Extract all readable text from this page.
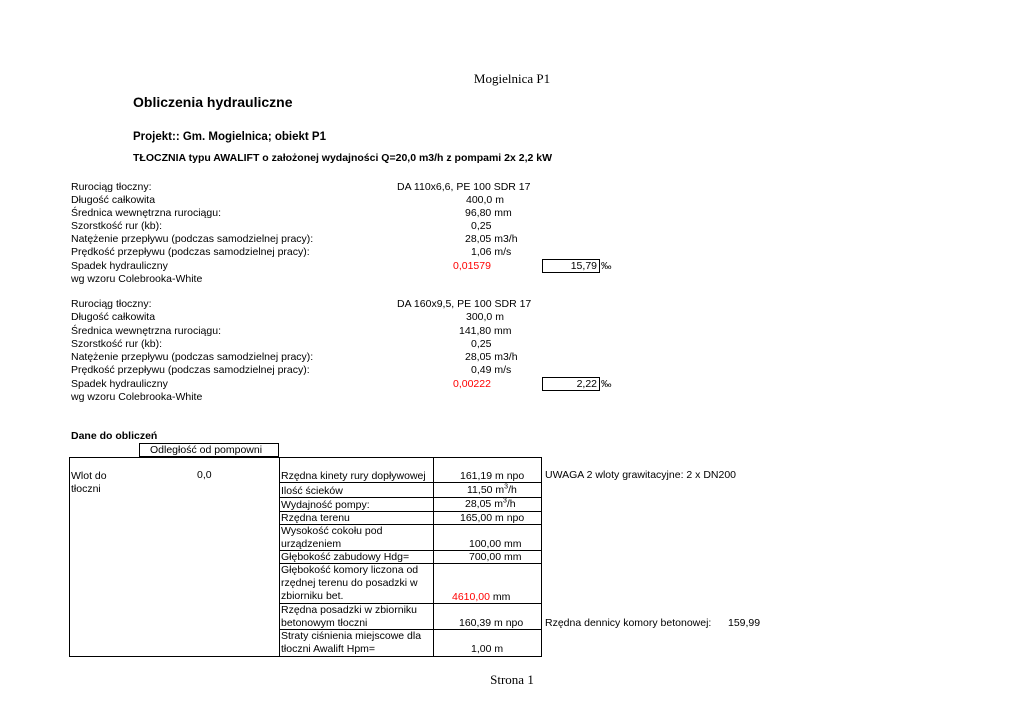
Mogielnica P1
Obliczenia hydrauliczne
Projekt:: Gm. Mogielnica; obiekt P1
TŁOCZNIA typu AWALIFT o założonej wydajności Q=20,0 m3/h z pompami 2x 2,2 kW
Rurociąg tłoczny:	DA 110x6,6, PE 100 SDR 17
Długość całkowita	400,0 m
Średnica wewnętrzna rurociągu:	96,80 mm
Szorstkość rur (kb):	0,25
Natężenie przepływu (podczas samodzielnej pracy):	28,05 m3/h
Prędkość przepływu (podczas samodzielnej pracy):	1,06 m/s
Spadek hydrauliczny	0,01579	15,79 ‰
wg wzoru Colebrooka-White
Rurociąg tłoczny:	DA 160x9,5, PE 100 SDR 17
Długość całkowita	300,0 m
Średnica wewnętrzna rurociągu:	141,80 mm
Szorstkość rur (kb):	0,25
Natężenie przepływu (podczas samodzielnej pracy):	28,05 m3/h
Prędkość przepływu (podczas samodzielnej pracy):	0,49 m/s
Spadek hydrauliczny	0,00222	2,22 ‰
wg wzoru Colebrooka-White
Dane do obliczeń
Odległość od pompowni
Wlot do tłoczni
0,0	Rzędna kinety rury dopływowej	161,19 m npo
Ilość ścieków	11,50 $m^3/h$
Wydajność pompy:	28,05 $m^3/h$
Rzędna terenu	165,00 m npo
Wysokość cokołu pod urządzeniem	100,00 mm
Głębokość zabudowy Hdg=	700,00 mm
Głębokość komory liczona od rzędnej terenu do posadzki w zbiorniku bet.	4610,00 mm
Rzędna posadzki w zbiorniku betonowym tłoczni	160,39 m npo
Straty ciśnienia miejscowe dla tłoczni Awalift Hpm=	1,00 m
UWAGA 2 wloty grawitacyjne: 2 x DN200
Rzędna dennicy komory betonowej: 159,99
Strona 1
